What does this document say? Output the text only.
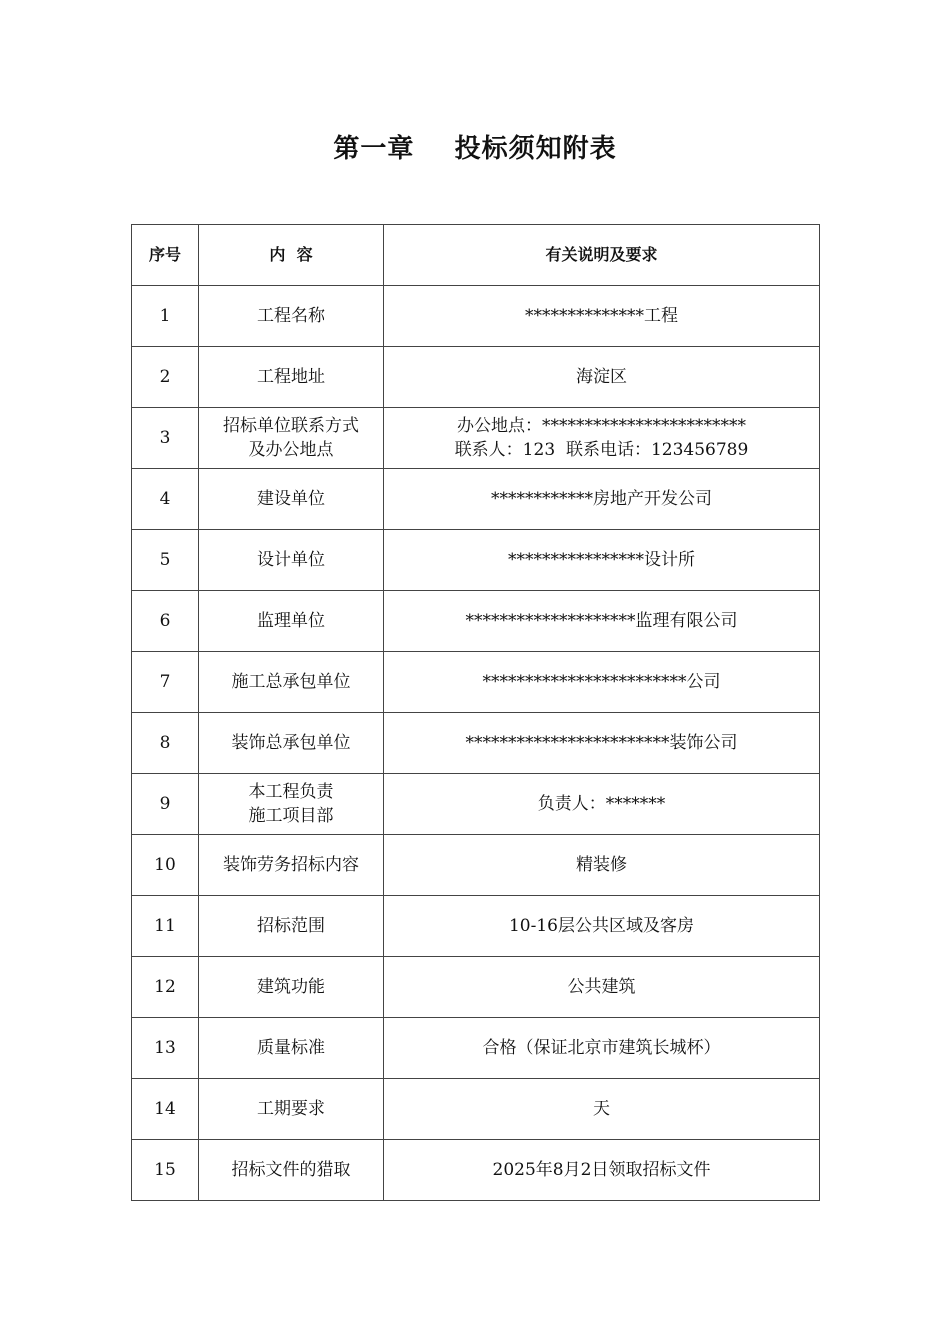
第一章    投标须知附表
序号	内  容	有关说明及要求
1	工程名称	**************工程

2	工程地址	海淀区

3	招标单位联系方式
及办公地点	办公地点：************************
联系人：123  联系电话：123456789

4	建设单位	************房地产开发公司

5	设计单位	****************设计所

6	监理单位	********************监理有限公司

7	施工总承包单位	************************公司

8	装饰总承包单位	************************装饰公司

9	本工程负责
施工项目部	负责人：*******

10	装饰劳务招标内容	精装修

11	招标范围	10-16层公共区域及客房

12	建筑功能	公共建筑

13	质量标准	合格（保证北京市建筑长城杯）

14	工期要求	天

15	招标文件的猎取	2025年8月2日领取招标文件
